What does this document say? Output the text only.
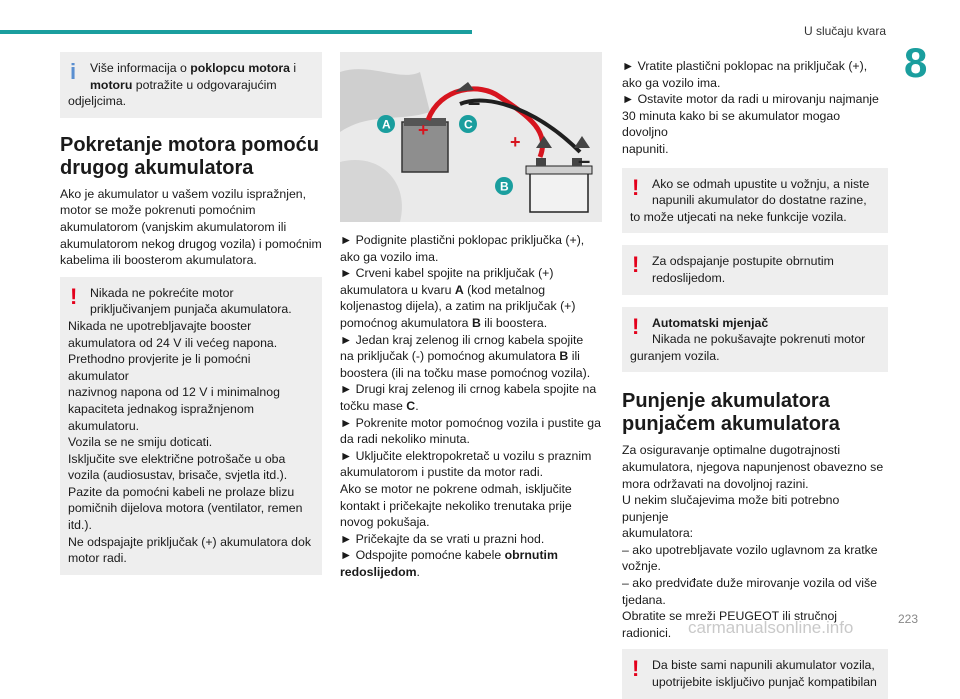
U slučaju kvara
8
i	Više informacija o poklopcu motora i

motoru potražite u odgovarajućim

odjeljcima.

Pokretanje motora pomoću
drugog akumulatora

Ako je akumulator u vašem vozilu ispražnjen,

motor se može pokrenuti pomoćnim

akumulatorom (vanjskim akumulatorom ili

akumulatorom nekog drugog vozila) i pomoćnim

kabelima ili boosterom akumulatora.

!	Nikada ne pokrećite motor

priključivanjem punjača akumulatora.

Nikada ne upotrebljavajte booster

akumulatora od 24 V ili većeg napona.

Prethodno provjerite je li pomoćni akumulator

nazivnog napona od 12 V i minimalnog

kapaciteta jednakog ispražnjenom

akumulatoru.

Vozila se ne smiju doticati.

Isključite sve električne potrošače u oba

vozila (audiosustav, brisače, svjetla itd.).

Pazite da pomoćni kabeli ne prolaze blizu

pomičnih dijelova motora (ventilator, remen

itd.).

Ne odspajajte priključak (+) akumulatora dok

motor radi.

+
+
–
–
A	C
B

► Podignite plastični poklopac priključka (+),

ako ga vozilo ima.

► Crveni kabel spojite na priključak (+)

akumulatora u kvaru A (kod metalnog

koljenastog dijela), a zatim na priključak (+)

pomoćnog akumulatora B ili boostera.

► Jedan kraj zelenog ili crnog kabela spojite

na priključak (-) pomoćnog akumulatora B ili

boostera (ili na točku mase pomoćnog vozila).

► Drugi kraj zelenog ili crnog kabela spojite na

točku mase C.

► Pokrenite motor pomoćnog vozila i pustite ga

da radi nekoliko minuta.

► Uključite elektropokretač u vozilu s praznim

akumulatorom i pustite da motor radi.

Ako se motor ne pokrene odmah, isključite

kontakt i pričekajte nekoliko trenutaka prije

novog pokušaja.

► Pričekajte da se vrati u prazni hod.

► Odspojite pomoćne kabele obrnutim

redoslijedom.

► Vratite plastični poklopac na priključak (+),

ako ga vozilo ima.

► Ostavite motor da radi u mirovanju najmanje

30 minuta kako bi se akumulator mogao dovoljno

napuniti.

!	Ako se odmah upustite u vožnju, a niste

napunili akumulator do dostatne razine,

to može utjecati na neke funkcije vozila.

!	Za odspajanje postupite obrnutim

redoslijedom.

!	Automatski mjenjač

Nikada ne pokušavajte pokrenuti motor

guranjem vozila.

Punjenje akumulatora
punjačem akumulatora

Za osiguravanje optimalne dugotrajnosti

akumulatora, njegova napunjenost obavezno se

mora održavati na dovoljnoj razini.

U nekim slučajevima može biti potrebno punjenje

akumulatora:

– ako upotrebljavate vozilo uglavnom za kratke

vožnje.

– ako predviđate duže mirovanje vozila od više

tjedana.

Obratite se mreži PEUGEOT ili stručnoj radionici.

!	Da biste sami napunili akumulator vozila,

upotrijebite isključivo punjač kompatibilan

carmanualsonline.info	223
